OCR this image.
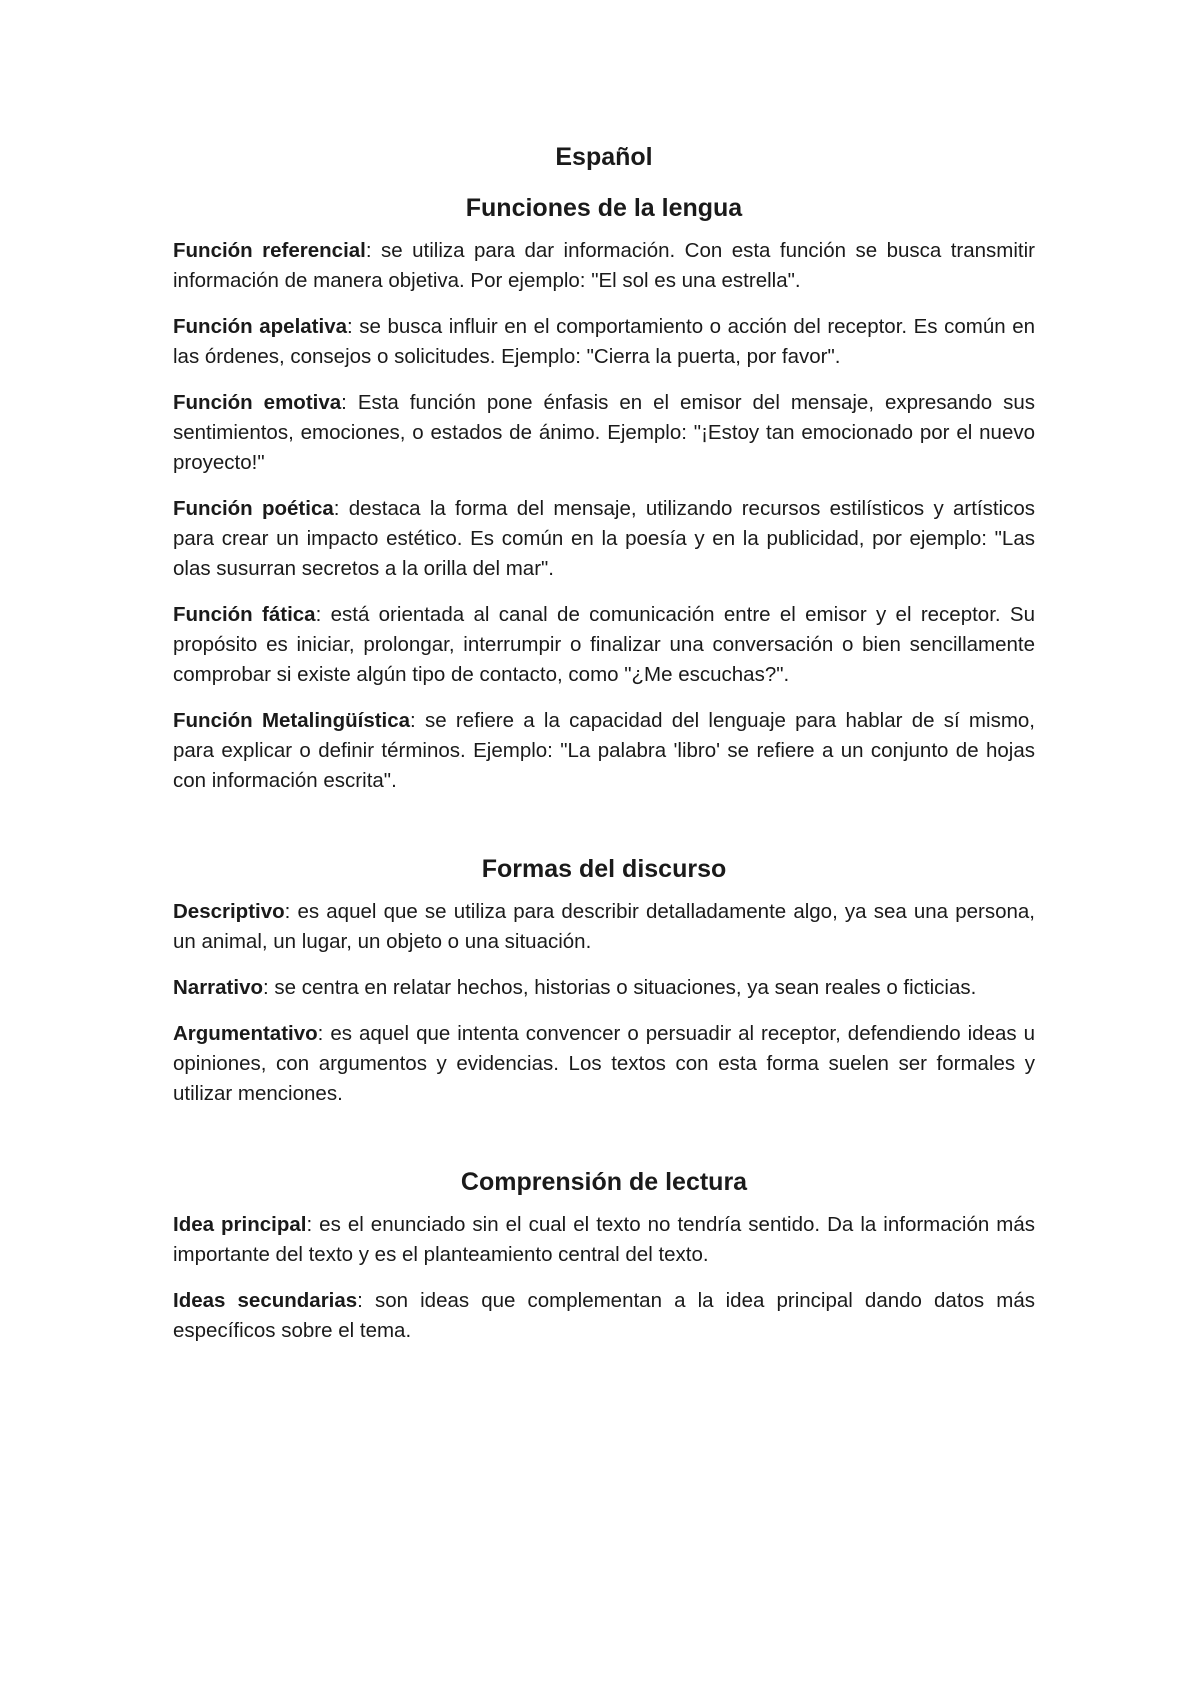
Español
Funciones de la lengua

Función referencial: se utiliza para dar información. Con esta función se busca transmitir información de manera objetiva. Por ejemplo: "El sol es una estrella".

Función apelativa: se busca influir en el comportamiento o acción del receptor. Es común en las órdenes, consejos o solicitudes. Ejemplo: "Cierra la puerta, por favor".

Función emotiva: Esta función pone énfasis en el emisor del mensaje, expresando sus sentimientos, emociones, o estados de ánimo. Ejemplo: "¡Estoy tan emocionado por el nuevo proyecto!"

Función poética: destaca la forma del mensaje, utilizando recursos estilísticos y artísticos para crear un impacto estético. Es común en la poesía y en la publicidad, por ejemplo: "Las olas susurran secretos a la orilla del mar".

Función fática: está orientada al canal de comunicación entre el emisor y el receptor. Su propósito es iniciar, prolongar, interrumpir o finalizar una conversación o bien sencillamente comprobar si existe algún tipo de contacto, como "¿Me escuchas?".

Función Metalingüística: se refiere a la capacidad del lenguaje para hablar de sí mismo, para explicar o definir términos. Ejemplo: "La palabra 'libro' se refiere a un conjunto de hojas con información escrita".

Formas del discurso

Descriptivo: es aquel que se utiliza para describir detalladamente algo, ya sea una persona, un animal, un lugar, un objeto o una situación.

Narrativo: se centra en relatar hechos, historias o situaciones, ya sean reales o ficticias.

Argumentativo: es aquel que intenta convencer o persuadir al receptor, defendiendo ideas u opiniones, con argumentos y evidencias. Los textos con esta forma suelen ser formales y utilizar menciones.

Comprensión de lectura

Idea principal: es el enunciado sin el cual el texto no tendría sentido. Da la información más importante del texto y es el planteamiento central del texto.

Ideas secundarias: son ideas que complementan a la idea principal dando datos más específicos sobre el tema.
